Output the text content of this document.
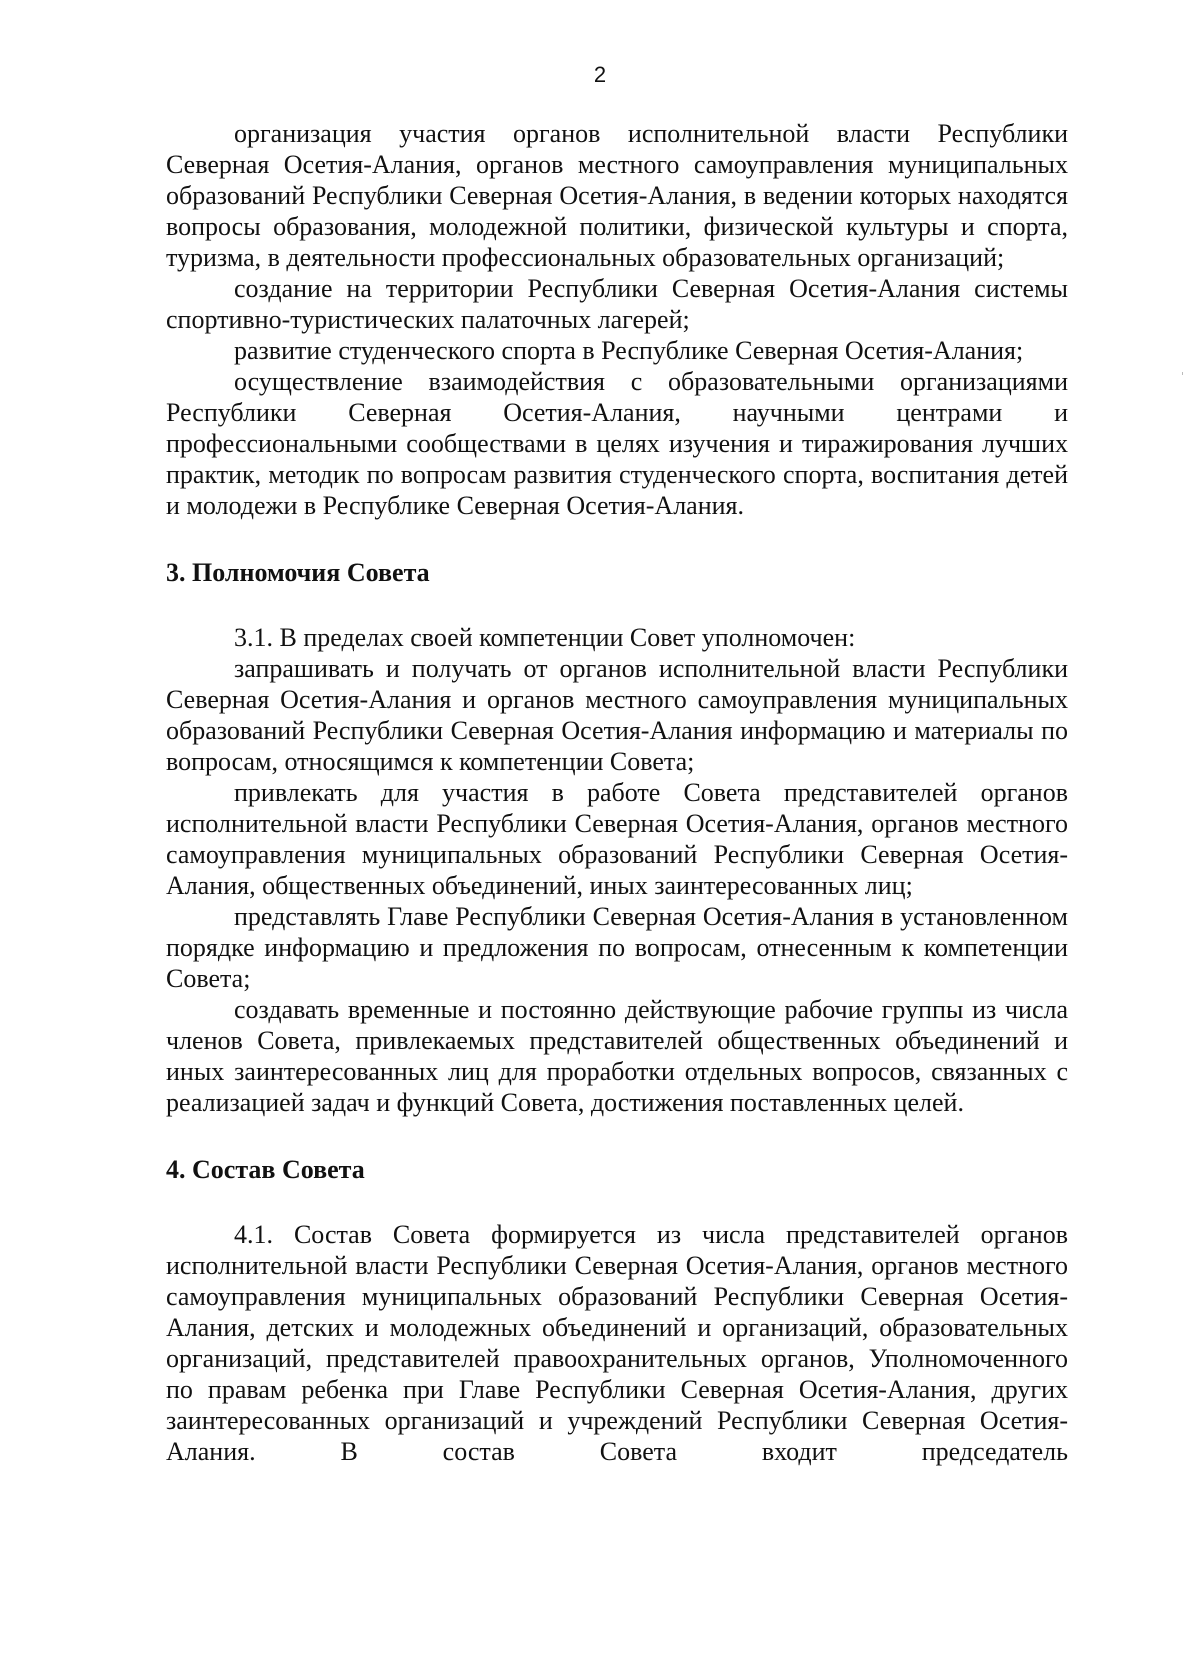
2

организация участия органов исполнительной власти Республики Северная Осетия-Алания, органов местного самоуправления муниципальных образований Республики Северная Осетия-Алания, в ведении которых находятся вопросы образования, молодежной политики, физической культуры и спорта, туризма, в деятельности профессиональных образовательных организаций;

создание на территории Республики Северная Осетия-Алания системы спортивно-туристических палаточных лагерей;

развитие студенческого спорта в Республике Северная Осетия-Алания;

осуществление взаимодействия с образовательными организациями Республики Северная Осетия-Алания, научными центрами и профессиональными сообществами в целях изучения и тиражирования лучших практик, методик по вопросам развития студенческого спорта, воспитания детей и молодежи в Республике Северная Осетия-Алания.

3. Полномочия Совета

3.1. В пределах своей компетенции Совет уполномочен:

запрашивать и получать от органов исполнительной власти Республики Северная Осетия-Алания и органов местного самоуправления муниципальных образований Республики Северная Осетия-Алания информацию и материалы по вопросам, относящимся к компетенции Совета;

привлекать для участия в работе Совета представителей органов исполнительной власти Республики Северная Осетия-Алания, органов местного самоуправления муниципальных образований Республики Северная Осетия-Алания, общественных объединений, иных заинтересованных лиц;

представлять Главе Республики Северная Осетия-Алания в установленном порядке информацию и предложения по вопросам, отнесенным к компетенции Совета;

создавать временные и постоянно действующие рабочие группы из числа членов Совета, привлекаемых представителей общественных объединений и иных заинтересованных лиц для проработки отдельных вопросов, связанных с реализацией задач и функций Совета, достижения поставленных целей.

4. Состав Совета

4.1. Состав Совета формируется из числа представителей органов исполнительной власти Республики Северная Осетия-Алания, органов местного самоуправления муниципальных образований Республики Северная Осетия-Алания, детских и молодежных объединений и организаций, образовательных организаций, представителей правоохранительных органов, Уполномоченного по правам ребенка при Главе Республики Северная Осетия-Алания, других заинтересованных организаций и учреждений Республики Северная Осетия-Алания. В состав Совета входит председатель
